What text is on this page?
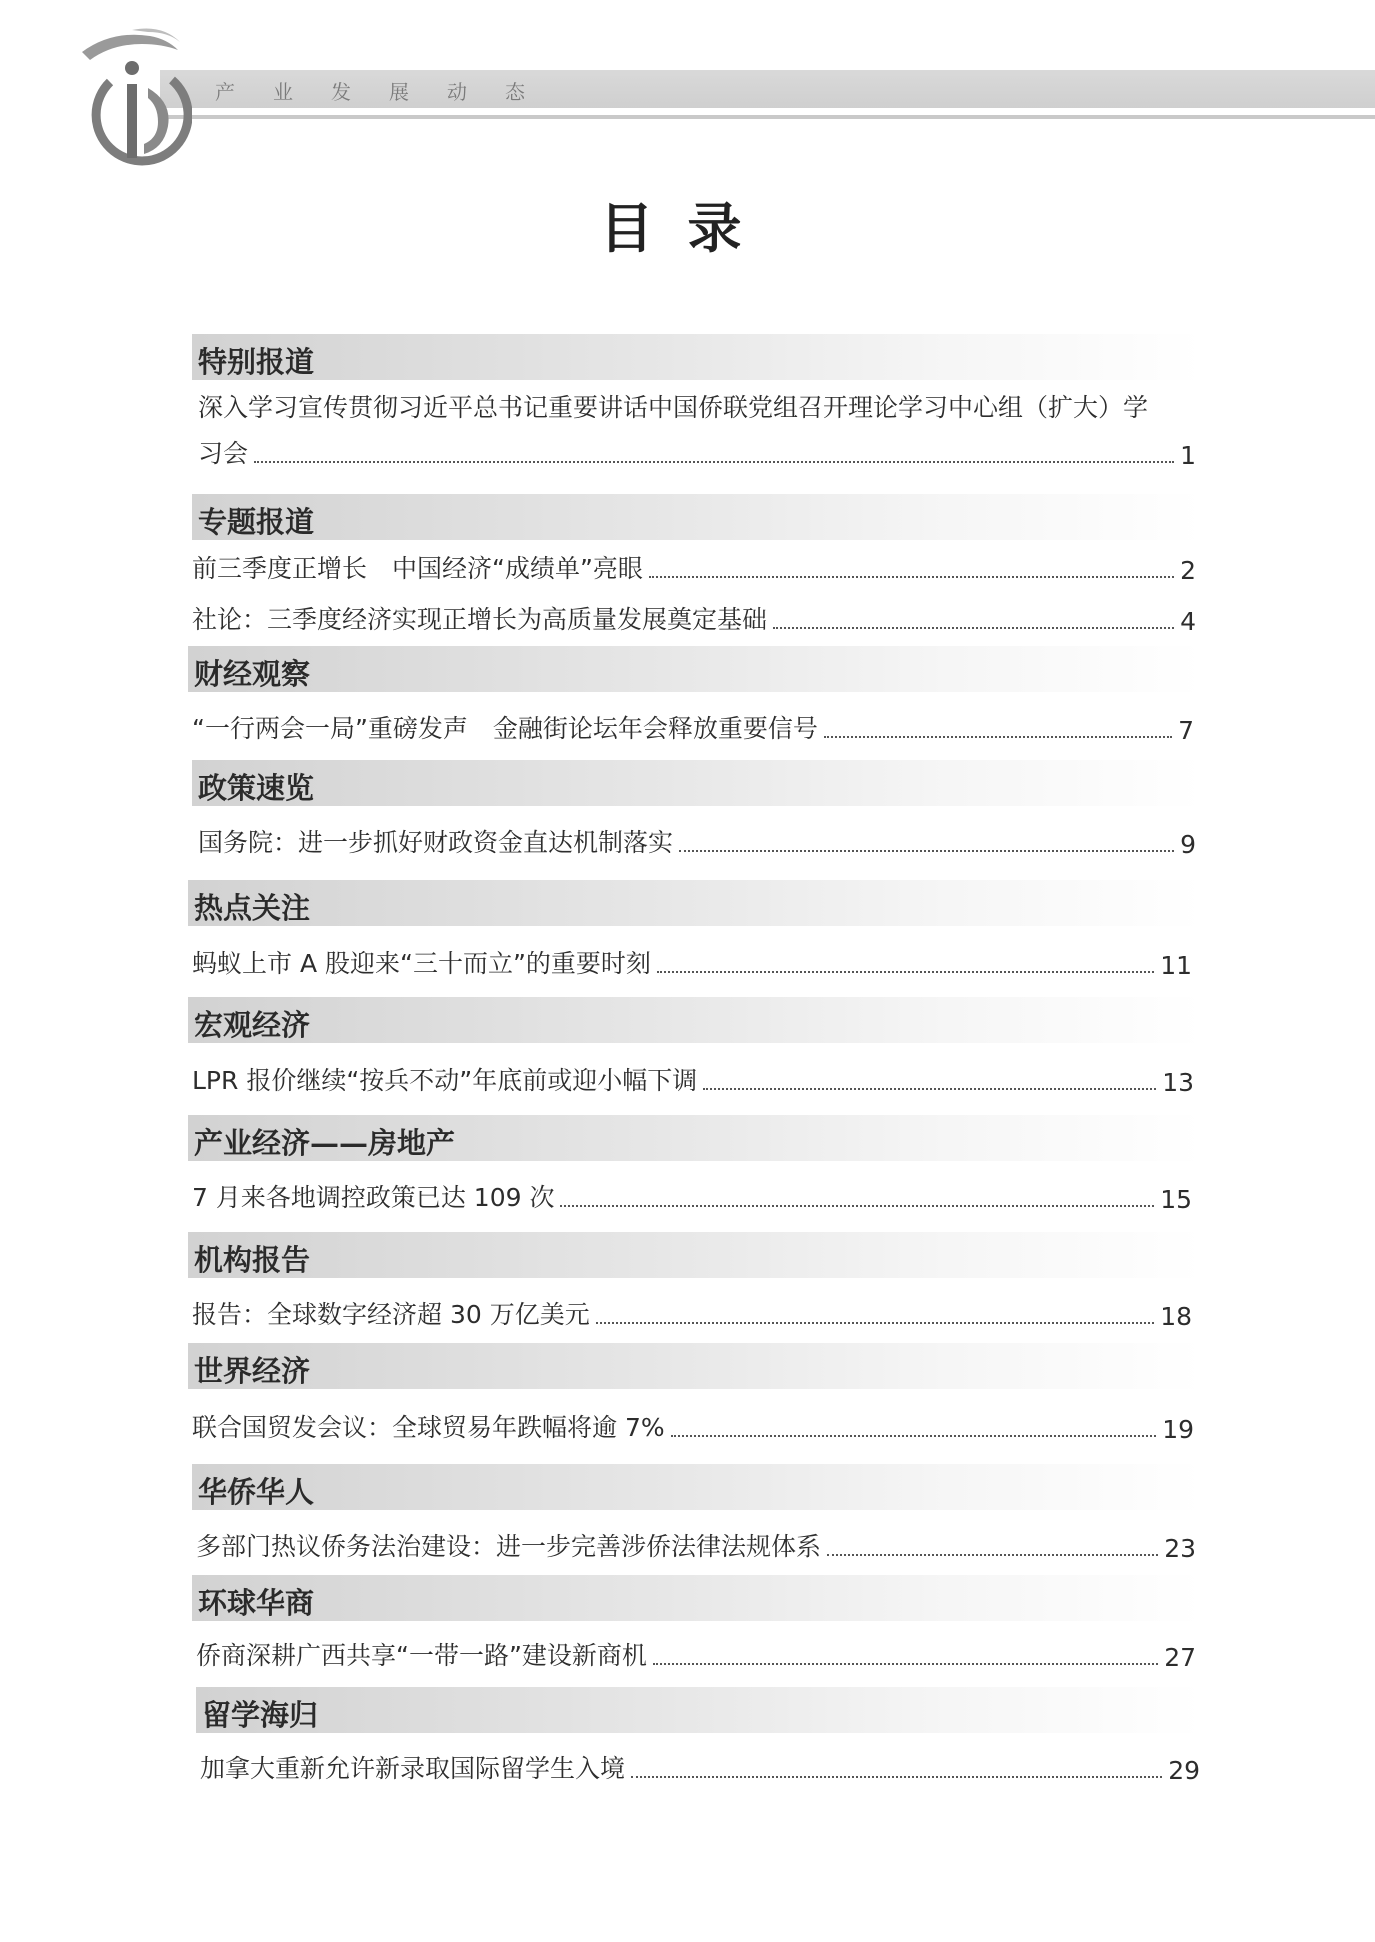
产业发展动态
目录
特别报道
深入学习宣传贯彻习近平总书记重要讲话中国侨联党组召开理论学习中心组（扩大）学
习会	1
专题报道
前三季度正增长　中国经济“成绩单”亮眼	2
社论：三季度经济实现正增长为高质量发展奠定基础	4
财经观察
“一行两会一局”重磅发声　金融街论坛年会释放重要信号	7
政策速览
国务院：进一步抓好财政资金直达机制落实	9
热点关注
蚂蚁上市 A 股迎来“三十而立”的重要时刻	11
宏观经济
LPR 报价继续“按兵不动”年底前或迎小幅下调	13
产业经济——房地产
7 月来各地调控政策已达 109 次	15
机构报告
报告：全球数字经济超 30 万亿美元	18
世界经济
联合国贸发会议：全球贸易年跌幅将逾 7%	19
华侨华人
多部门热议侨务法治建设：进一步完善涉侨法律法规体系	23
环球华商
侨商深耕广西共享“一带一路”建设新商机	27
留学海归
加拿大重新允许新录取国际留学生入境	29
